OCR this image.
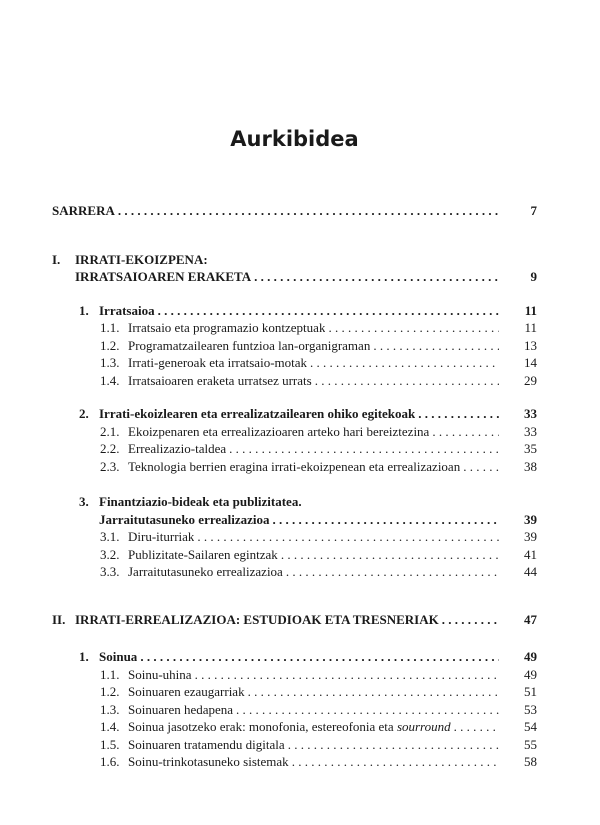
Aurkibidea
SARRERA . . .	7
I.	IRRATI-EKOIZPENA:
IRRATSAIOAREN ERAKETA . . .	9
1. Irratsaioa . . .	11
1.1. Irratsaio eta programazio kontzeptuak . . .	11
1.2. Programatzailearen funtzioa lan-organigraman . . .	13
1.3. Irrati-generoak eta irratsaio-motak . . .	14
1.4. Irratsaioaren eraketa urratsez urrats . . .	29
2. Irrati-ekoizlearen eta errealizatzailearen ohiko egitekoak . . .	33
2.1. Ekoizpenaren eta errealizazioaren arteko hari bereiztezina . . .	33
2.2. Errealizazio-taldea . . .	35
2.3. Teknologia berrien eragina irrati-ekoizpenean eta errealizazioan . . .	38
3. Finantziazio-bideak eta publizitatea.
Jarraitutasuneko errealizazioa . . .	39
3.1. Diru-iturriak . . .	39
3.2. Publizitate-Sailaren egintzak . . .	41
3.3. Jarraitutasuneko errealizazioa . . .	44
II. IRRATI-ERREALIZAZIOA: ESTUDIOAK ETA TRESNERIAK . . .	47
1. Soinua . . .	49
1.1. Soinu-uhina . . .	49
1.2. Soinuaren ezaugarriak . . .	51
1.3. Soinuaren hedapena . . .	53
1.4. Soinua jasotzeko erak: monofonia, estereofonia eta sourround . . .	54
1.5. Soinuaren tratamendu digitala . . .	55
1.6. Soinu-trinkotasuneko sistemak . . .	58
